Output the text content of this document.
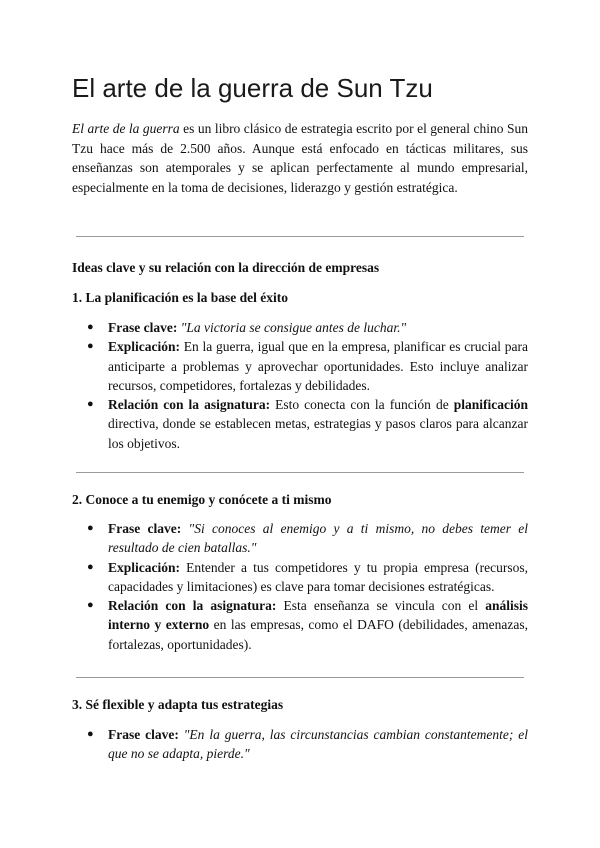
El arte de la guerra de Sun Tzu

El arte de la guerra es un libro clásico de estrategia escrito por el general chino Sun Tzu hace más de 2.500 años. Aunque está enfocado en tácticas militares, sus enseñanzas son atemporales y se aplican perfectamente al mundo empresarial, especialmente en la toma de decisiones, liderazgo y gestión estratégica.

Ideas clave y su relación con la dirección de empresas
1. La planificación es la base del éxito
● Frase clave: "La victoria se consigue antes de luchar."
● Explicación: En la guerra, igual que en la empresa, planificar es crucial para anticiparte a problemas y aprovechar oportunidades. Esto incluye analizar recursos, competidores, fortalezas y debilidades.
● Relación con la asignatura: Esto conecta con la función de planificación directiva, donde se establecen metas, estrategias y pasos claros para alcanzar los objetivos.
2. Conoce a tu enemigo y conócete a ti mismo
● Frase clave: "Si conoces al enemigo y a ti mismo, no debes temer el resultado de cien batallas."
● Explicación: Entender a tus competidores y tu propia empresa (recursos, capacidades y limitaciones) es clave para tomar decisiones estratégicas.
● Relación con la asignatura: Esta enseñanza se vincula con el análisis interno y externo en las empresas, como el DAFO (debilidades, amenazas, fortalezas, oportunidades).
3. Sé flexible y adapta tus estrategias
● Frase clave: "En la guerra, las circunstancias cambian constantemente; el que no se adapta, pierde."
